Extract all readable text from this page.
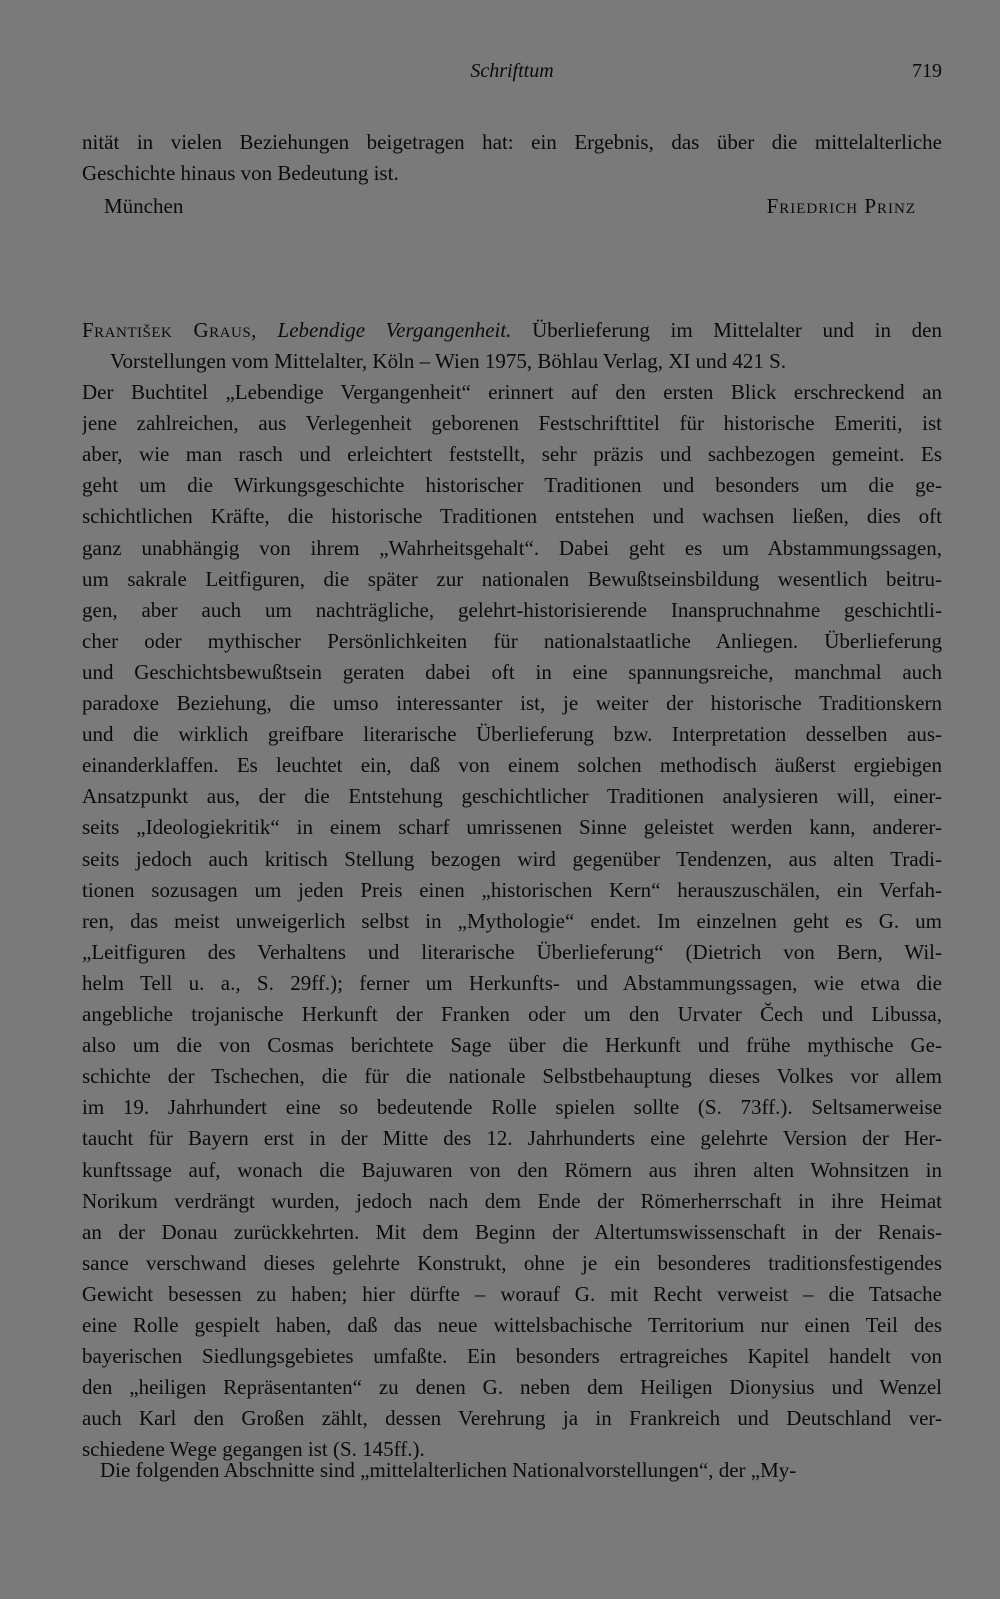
Schrifttum	719
nität in vielen Beziehungen beigetragen hat: ein Ergebnis, das über die mittelalterliche
Geschichte hinaus von Bedeutung ist.
München	Friedrich Prinz
František Graus, Lebendige Vergangenheit. Überlieferung im Mittelalter und in den
Vorstellungen vom Mittelalter, Köln – Wien 1975, Böhlau Verlag, XI und 421 S.
Der Buchtitel „Lebendige Vergangenheit“ erinnert auf den ersten Blick erschreckend an
jene zahlreichen, aus Verlegenheit geborenen Festschrifttitel für historische Emeriti, ist
aber, wie man rasch und erleichtert feststellt, sehr präzis und sachbezogen gemeint. Es
geht um die Wirkungsgeschichte historischer Traditionen und besonders um die ge-
schichtlichen Kräfte, die historische Traditionen entstehen und wachsen ließen, dies oft
ganz unabhängig von ihrem „Wahrheitsgehalt“. Dabei geht es um Abstammungssagen,
um sakrale Leitfiguren, die später zur nationalen Bewußtseinsbildung wesentlich beitru-
gen, aber auch um nachträgliche, gelehrt-historisierende Inanspruchnahme geschichtli-
cher oder mythischer Persönlichkeiten für nationalstaatliche Anliegen. Überlieferung
und Geschichtsbewußtsein geraten dabei oft in eine spannungsreiche, manchmal auch
paradoxe Beziehung, die umso interessanter ist, je weiter der historische Traditionskern
und die wirklich greifbare literarische Überlieferung bzw. Interpretation desselben aus-
einanderklaffen. Es leuchtet ein, daß von einem solchen methodisch äußerst ergiebigen
Ansatzpunkt aus, der die Entstehung geschichtlicher Traditionen analysieren will, einer-
seits „Ideologiekritik“ in einem scharf umrissenen Sinne geleistet werden kann, anderer-
seits jedoch auch kritisch Stellung bezogen wird gegenüber Tendenzen, aus alten Tradi-
tionen sozusagen um jeden Preis einen „historischen Kern“ herauszuschälen, ein Verfah-
ren, das meist unweigerlich selbst in „Mythologie“ endet. Im einzelnen geht es G. um
„Leitfiguren des Verhaltens und literarische Überlieferung“ (Dietrich von Bern, Wil-
helm Tell u. a., S. 29ff.); ferner um Herkunfts- und Abstammungssagen, wie etwa die
angebliche trojanische Herkunft der Franken oder um den Urvater Čech und Libussa,
also um die von Cosmas berichtete Sage über die Herkunft und frühe mythische Ge-
schichte der Tschechen, die für die nationale Selbstbehauptung dieses Volkes vor allem
im 19. Jahrhundert eine so bedeutende Rolle spielen sollte (S. 73ff.). Seltsamerweise
taucht für Bayern erst in der Mitte des 12. Jahrhunderts eine gelehrte Version der Her-
kunftssage auf, wonach die Bajuwaren von den Römern aus ihren alten Wohnsitzen in
Norikum verdrängt wurden, jedoch nach dem Ende der Römerherrschaft in ihre Heimat
an der Donau zurückkehrten. Mit dem Beginn der Altertumswissenschaft in der Renais-
sance verschwand dieses gelehrte Konstrukt, ohne je ein besonderes traditionsfestigendes
Gewicht besessen zu haben; hier dürfte – worauf G. mit Recht verweist – die Tatsache
eine Rolle gespielt haben, daß das neue wittelsbachische Territorium nur einen Teil des
bayerischen Siedlungsgebietes umfaßte. Ein besonders ertragreiches Kapitel handelt von
den „heiligen Repräsentanten“ zu denen G. neben dem Heiligen Dionysius und Wenzel
auch Karl den Großen zählt, dessen Verehrung ja in Frankreich und Deutschland ver-
schiedene Wege gegangen ist (S. 145ff.).
Die folgenden Abschnitte sind „mittelalterlichen Nationalvorstellungen“, der „My-
